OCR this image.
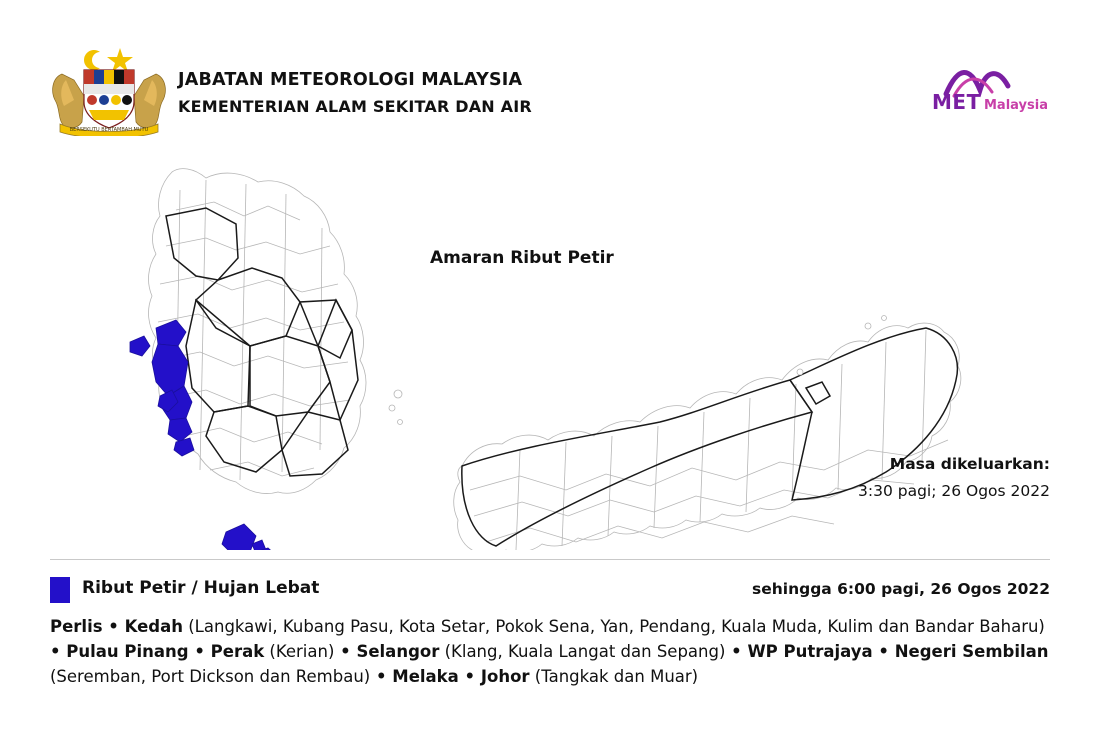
BERSEKUTU BERTAMBAH MUTU
JABATAN METEOROLOGI MALAYSIA
KEMENTERIAN ALAM SEKITAR DAN AIR	MET Malaysia
Amaran Ribut Petir
Masa dikeluarkan:
3:30 pagi; 26 Ogos 2022
Ribut Petir / Hujan Lebat	sehingga 6:00 pagi, 26 Ogos 2022
Perlis • Kedah (Langkawi, Kubang Pasu, Kota Setar, Pokok Sena, Yan, Pendang, Kuala Muda, Kulim dan Bandar Baharu) • Pulau Pinang • Perak (Kerian) • Selangor (Klang, Kuala Langat dan Sepang) • WP Putrajaya • Negeri Sembilan (Seremban, Port Dickson dan Rembau) • Melaka • Johor (Tangkak dan Muar)
